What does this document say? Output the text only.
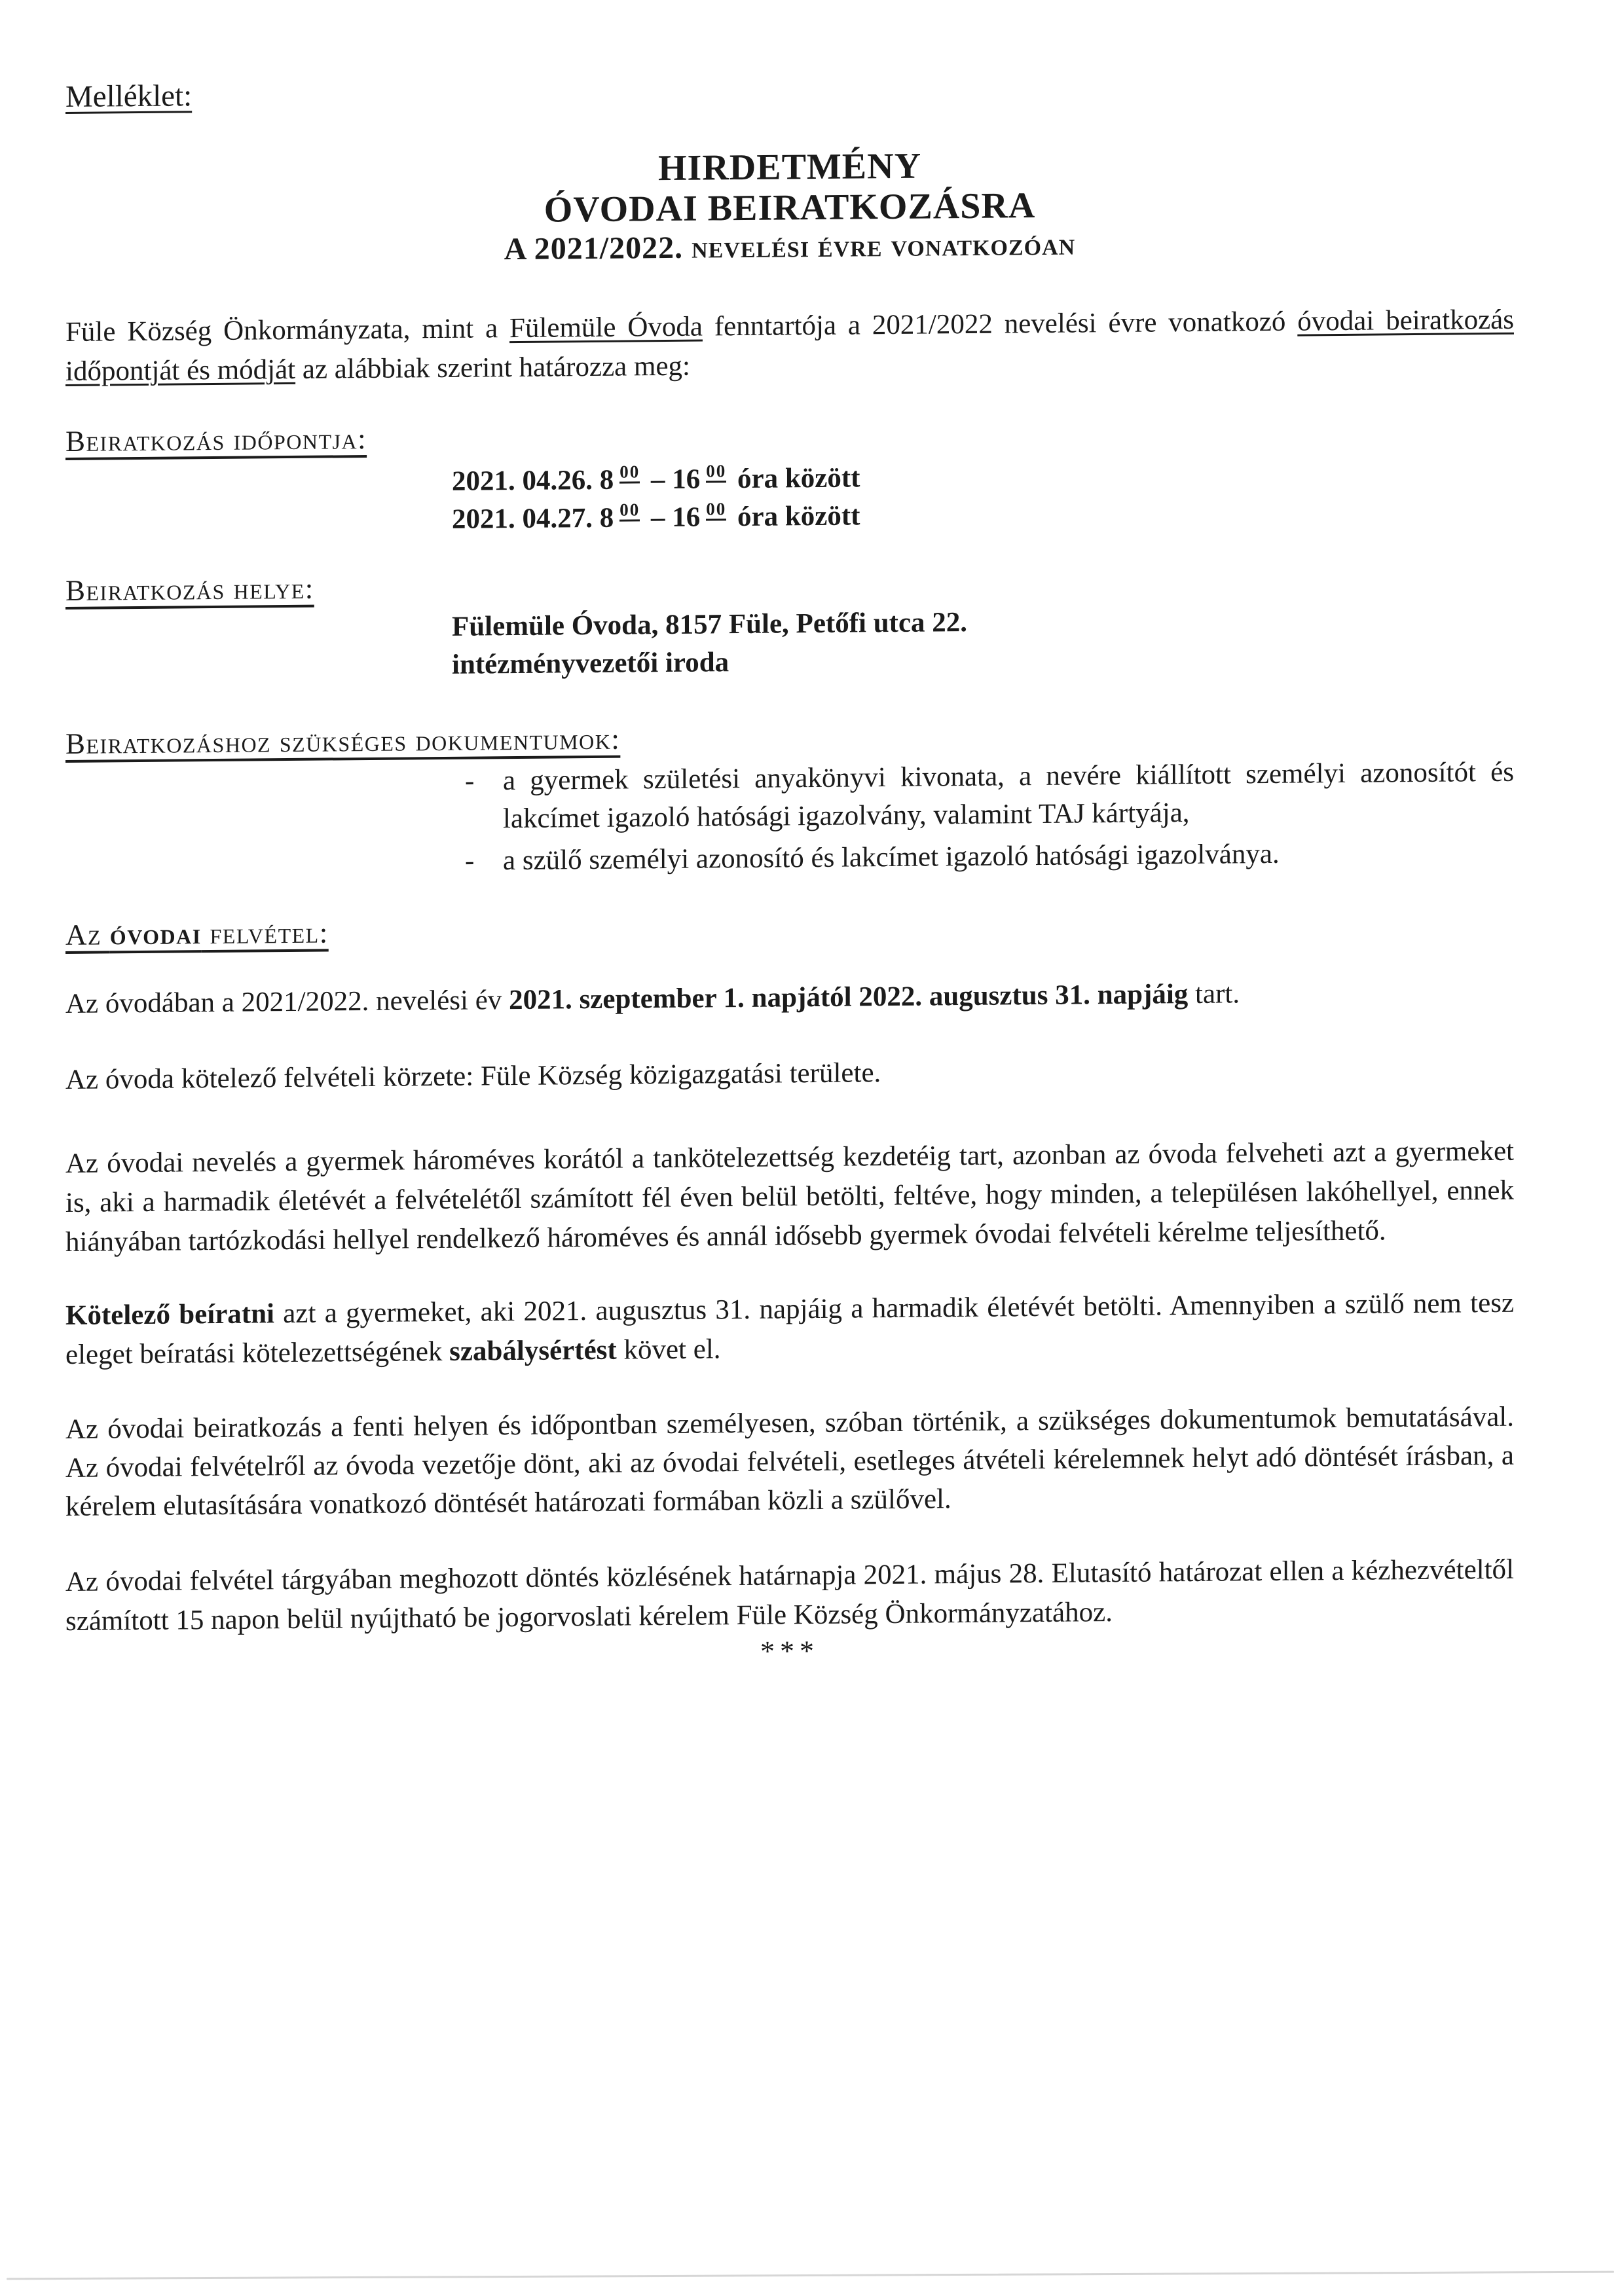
Melléklet:
HIRDETMÉNY
ÓVODAI BEIRATKOZÁSRA
A 2021/2022. nevelési évre vonatkozóan
Füle Község Önkormányzata, mint a Fülemüle Óvoda fenntartója a 2021/2022 nevelési évre vonatkozó óvodai beiratkozás időpontját és módját az alábbiak szerint határozza meg:
Beiratkozás időpontja:
2021. 04.26. 8 00 – 16 00 óra között
2021. 04.27. 8 00 – 16 00 óra között
Beiratkozás helye:
Fülemüle Óvoda, 8157 Füle, Petőfi utca 22.
intézményvezetői iroda
Beiratkozáshoz szükséges dokumentumok:
-	a gyermek születési anyakönyvi kivonata, a nevére kiállított személyi azonosítót és lakcímet igazoló hatósági igazolvány, valamint TAJ kártyája,
-	a szülő személyi azonosító és lakcímet igazoló hatósági igazolványa.
Az óvodai felvétel:
Az óvodában a 2021/2022. nevelési év 2021. szeptember 1. napjától 2022. augusztus 31. napjáig tart.
Az óvoda kötelező felvételi körzete: Füle Község közigazgatási területe.
Az óvodai nevelés a gyermek hároméves korától a tankötelezettség kezdetéig tart, azonban az óvoda felveheti azt a gyermeket is, aki a harmadik életévét a felvételétől számított fél éven belül betölti, feltéve, hogy minden, a településen lakóhellyel, ennek hiányában tartózkodási hellyel rendelkező hároméves és annál idősebb gyermek óvodai felvételi kérelme teljesíthető.
Kötelező beíratni azt a gyermeket, aki 2021. augusztus 31. napjáig a harmadik életévét betölti. Amennyiben a szülő nem tesz eleget beíratási kötelezettségének szabálysértést követ el.
Az óvodai beiratkozás a fenti helyen és időpontban személyesen, szóban történik, a szükséges dokumentumok bemutatásával. Az óvodai felvételről az óvoda vezetője dönt, aki az óvodai felvételi, esetleges átvételi kérelemnek helyt adó döntését írásban, a kérelem elutasítására vonatkozó döntését határozati formában közli a szülővel.
Az óvodai felvétel tárgyában meghozott döntés közlésének határnapja 2021. május 28. Elutasító határozat ellen a kézhezvételtől számított 15 napon belül nyújtható be jogorvoslati kérelem Füle Község Önkormányzatához.
***
